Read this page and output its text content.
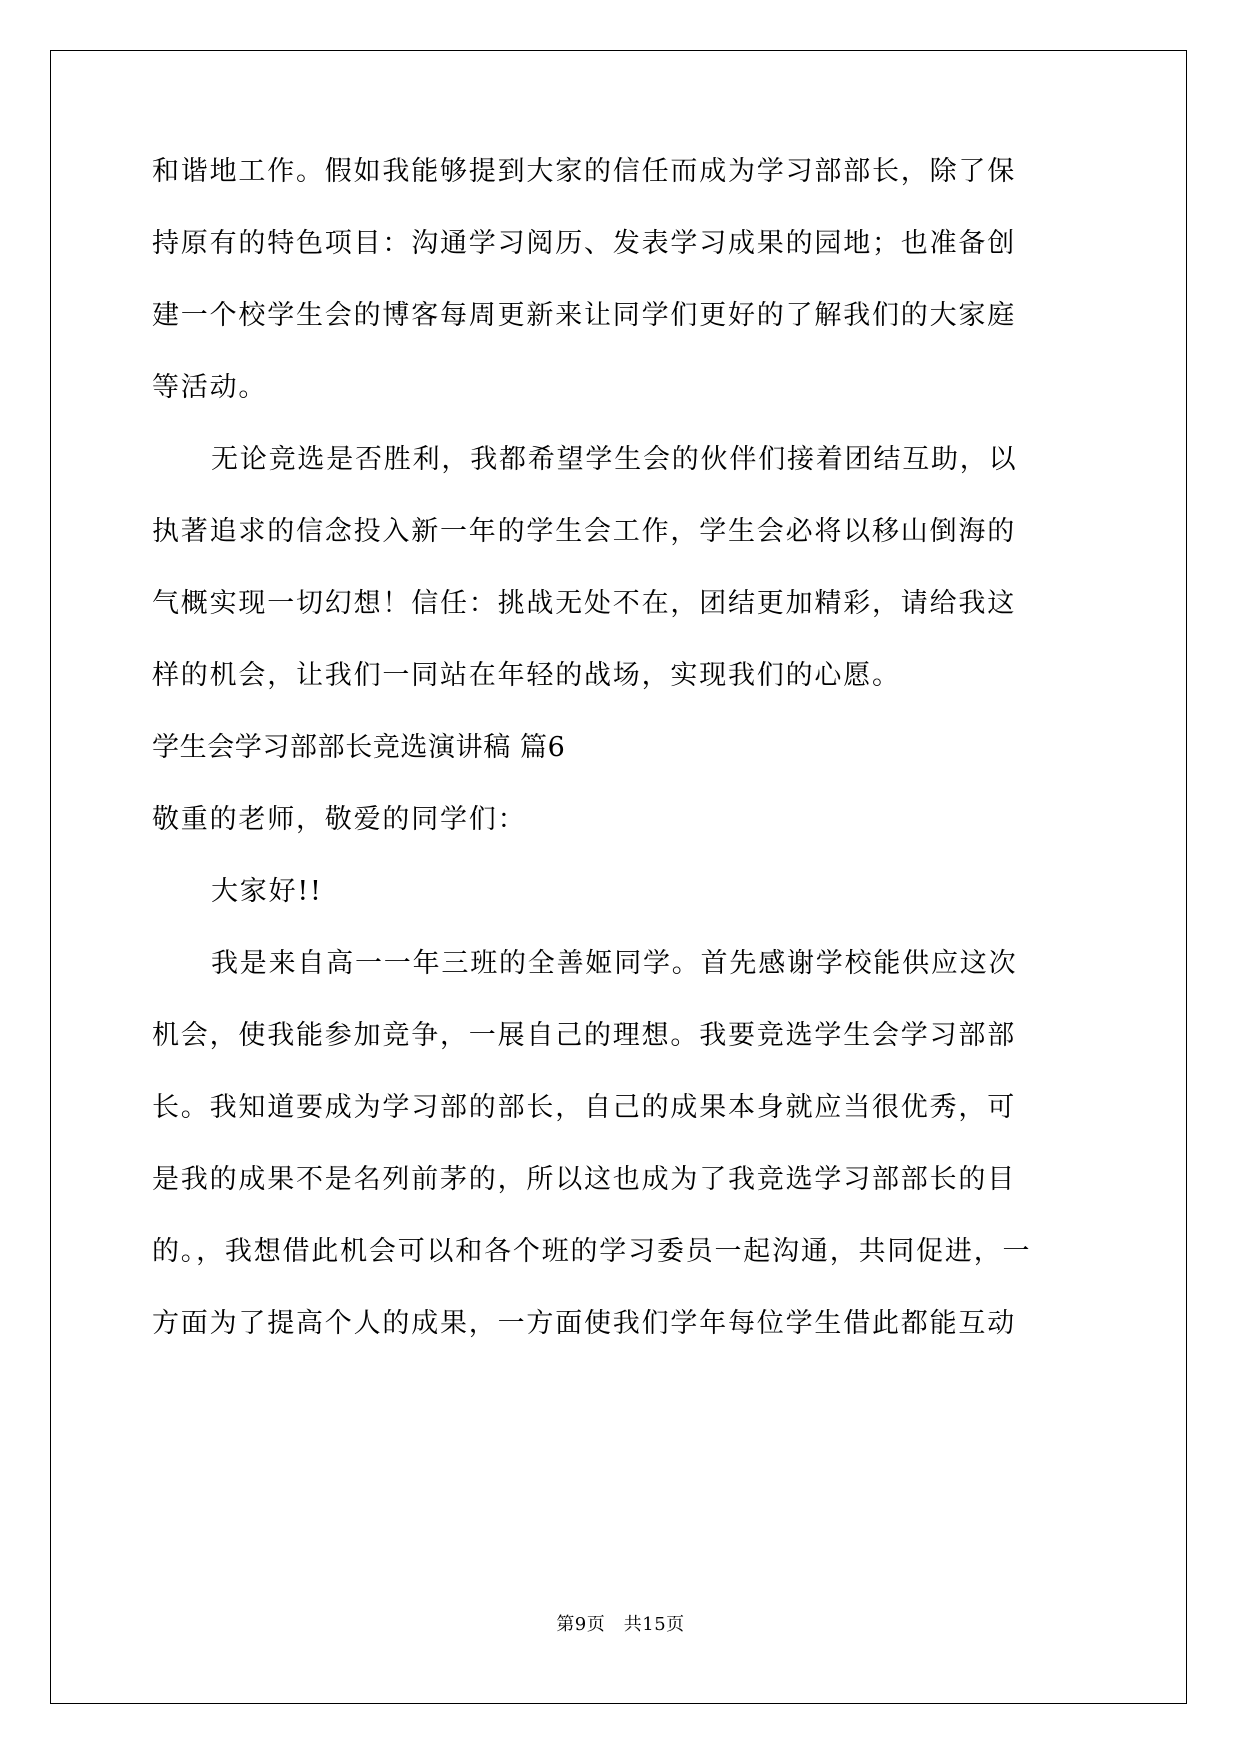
和谐地工作。假如我能够提到大家的信任而成为学习部部长，除了保
持原有的特色项目：沟通学习阅历、发表学习成果的园地；也准备创
建一个校学生会的博客每周更新来让同学们更好的了解我们的大家庭
等活动。
无论竞选是否胜利，我都希望学生会的伙伴们接着团结互助，以
执著追求的信念投入新一年的学生会工作，学生会必将以移山倒海的
气概实现一切幻想！信任：挑战无处不在，团结更加精彩，请给我这
样的机会，让我们一同站在年轻的战场，实现我们的心愿。
学生会学习部部长竞选演讲稿 篇6
敬重的老师，敬爱的同学们：
大家好!!
我是来自高一一年三班的全善姬同学。首先感谢学校能供应这次
机会，使我能参加竞争，一展自己的理想。我要竞选学生会学习部部
长。我知道要成为学习部的部长，自己的成果本身就应当很优秀，可
是我的成果不是名列前茅的，所以这也成为了我竞选学习部部长的目
的。，我想借此机会可以和各个班的学习委员一起沟通，共同促进，一
方面为了提高个人的成果，一方面使我们学年每位学生借此都能互动
第9页　共15页
